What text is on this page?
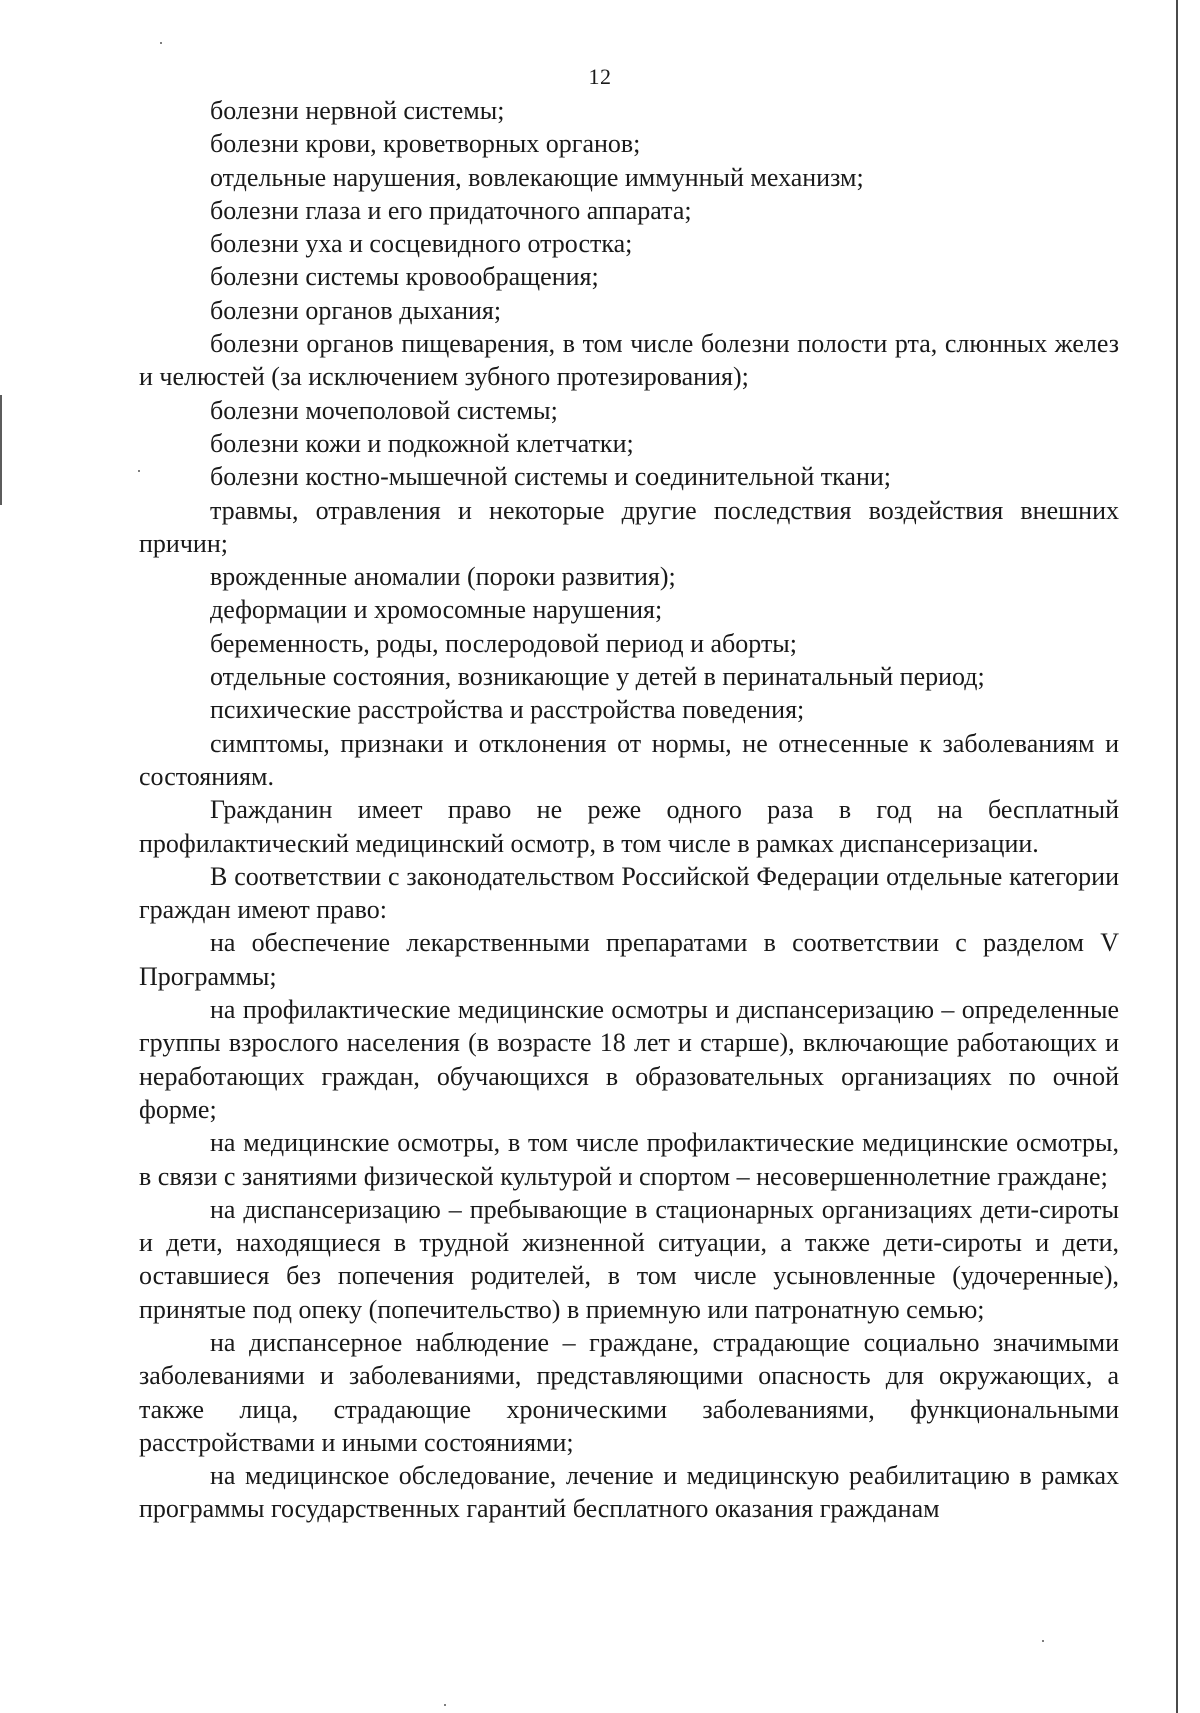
12

болезни нервной системы;

болезни крови, кроветворных органов;

отдельные нарушения, вовлекающие иммунный механизм;

болезни глаза и его придаточного аппарата;

болезни уха и сосцевидного отростка;

болезни системы кровообращения;

болезни органов дыхания;

болезни органов пищеварения, в том числе болезни полости рта, слюнных желез и челюстей (за исключением зубного протезирования);

болезни мочеполовой системы;

болезни кожи и подкожной клетчатки;

болезни костно-мышечной системы и соединительной ткани;

травмы, отравления и некоторые другие последствия воздействия внешних причин;

врожденные аномалии (пороки развития);

деформации и хромосомные нарушения;

беременность, роды, послеродовой период и аборты;

отдельные состояния, возникающие у детей в перинатальный период;

психические расстройства и расстройства поведения;

симптомы, признаки и отклонения от нормы, не отнесенные к заболеваниям и состояниям.

Гражданин имеет право не реже одного раза в год на бесплатный профилактический медицинский осмотр, в том числе в рамках диспансеризации.

В соответствии с законодательством Российской Федерации отдельные категории граждан имеют право:

на обеспечение лекарственными препаратами в соответствии с разделом V Программы;

на профилактические медицинские осмотры и диспансеризацию – определенные группы взрослого населения (в возрасте 18 лет и старше), включающие работающих и неработающих граждан, обучающихся в образовательных организациях по очной форме;

на медицинские осмотры, в том числе профилактические медицинские осмотры, в связи с занятиями физической культурой и спортом – несовершеннолетние граждане;

на диспансеризацию – пребывающие в стационарных организациях дети-сироты и дети, находящиеся в трудной жизненной ситуации, а также дети-сироты и дети, оставшиеся без попечения родителей, в том числе усыновленные (удочеренные), принятые под опеку (попечительство) в приемную или патронатную семью;

на диспансерное наблюдение – граждане, страдающие социально значимыми заболеваниями и заболеваниями, представляющими опасность для окружающих, а также лица, страдающие хроническими заболеваниями, функциональными расстройствами и иными состояниями;

на медицинское обследование, лечение и медицинскую реабилитацию в рамках программы государственных гарантий бесплатного оказания гражданам
